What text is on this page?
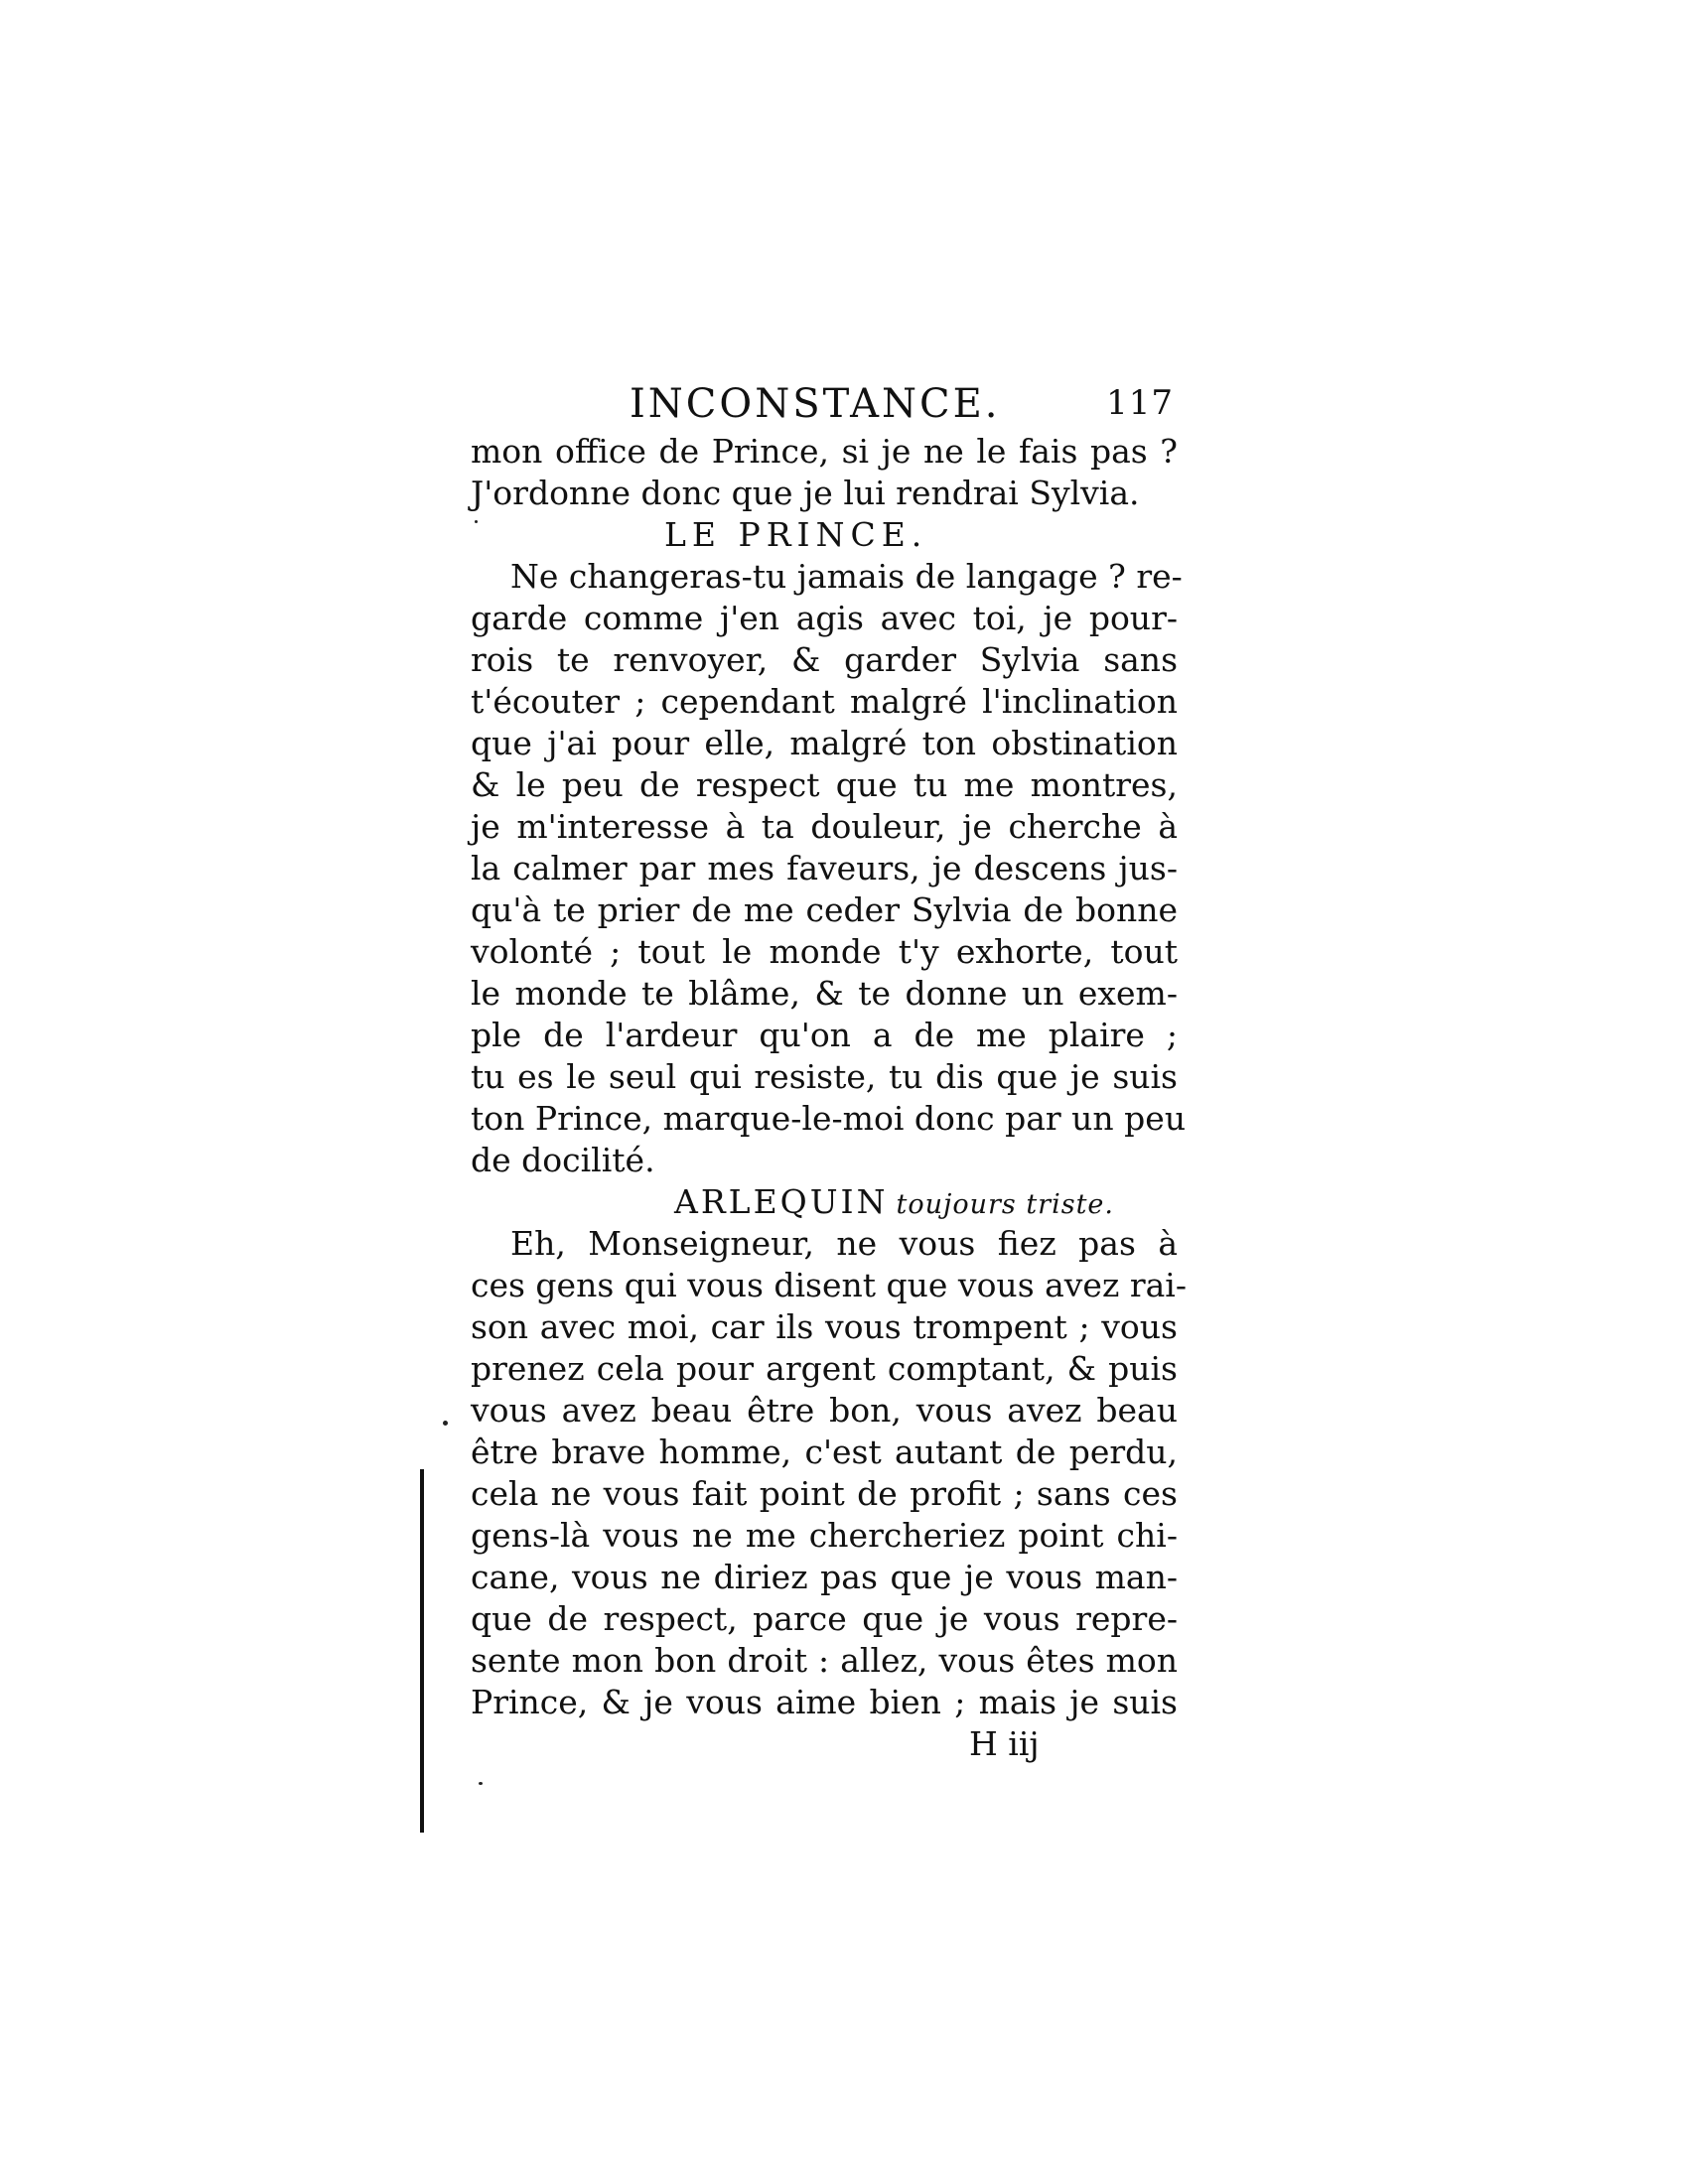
INCONSTANCE.	117
mon office de Prince, si je ne le fais pas ?
J'ordonne donc que je lui rendrai Sylvia.
LE PRINCE.
Ne changeras-tu jamais de langage ? re-
garde comme j'en agis avec toi, je pour-
rois te renvoyer, & garder Sylvia sans
t'écouter ; cependant malgré l'inclination
que j'ai pour elle, malgré ton obstination
& le peu de respect que tu me montres,
je m'interesse à ta douleur, je cherche à
la calmer par mes faveurs, je descens jus-
qu'à te prier de me ceder Sylvia de bonne
volonté ; tout le monde t'y exhorte, tout
le monde te blâme, & te donne un exem-
ple de l'ardeur qu'on a de me plaire ;
tu es le seul qui resiste, tu dis que je suis
ton Prince, marque-le-moi donc par un peu
de docilité.
ARLEQUIN toujours triste.
Eh, Monseigneur, ne vous fiez pas à
ces gens qui vous disent que vous avez rai-
son avec moi, car ils vous trompent ; vous
prenez cela pour argent comptant, & puis
vous avez beau être bon, vous avez beau
être brave homme, c'est autant de perdu,
cela ne vous fait point de profit ; sans ces
gens-là vous ne me chercheriez point chi-
cane, vous ne diriez pas que je vous man-
que de respect, parce que je vous repre-
sente mon bon droit : allez, vous êtes mon
Prince, & je vous aime bien ; mais je suis
H iij
